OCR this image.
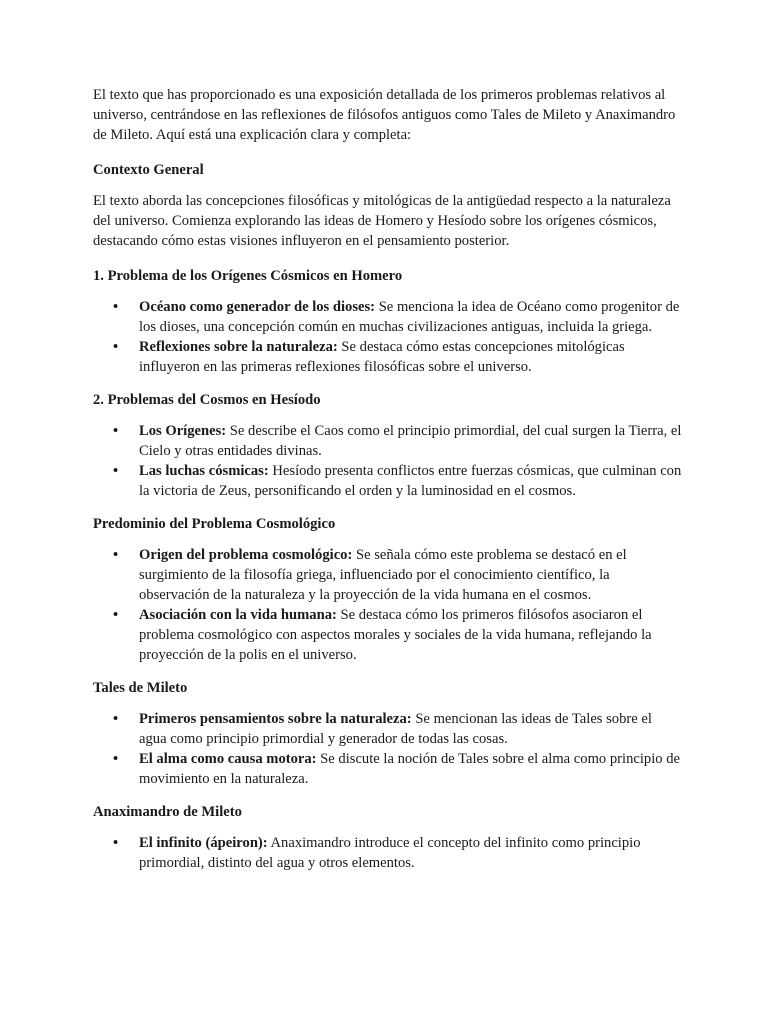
El texto que has proporcionado es una exposición detallada de los primeros problemas relativos al universo, centrándose en las reflexiones de filósofos antiguos como Tales de Mileto y Anaximandro de Mileto. Aquí está una explicación clara y completa:

Contexto General

El texto aborda las concepciones filosóficas y mitológicas de la antigüedad respecto a la naturaleza del universo. Comienza explorando las ideas de Homero y Hesíodo sobre los orígenes cósmicos, destacando cómo estas visiones influyeron en el pensamiento posterior.

1. Problema de los Orígenes Cósmicos en Homero

• Océano como generador de los dioses: Se menciona la idea de Océano como progenitor de los dioses, una concepción común en muchas civilizaciones antiguas, incluida la griega.
• Reflexiones sobre la naturaleza: Se destaca cómo estas concepciones mitológicas influyeron en las primeras reflexiones filosóficas sobre el universo.

2. Problemas del Cosmos en Hesíodo

• Los Orígenes: Se describe el Caos como el principio primordial, del cual surgen la Tierra, el Cielo y otras entidades divinas.
• Las luchas cósmicas: Hesíodo presenta conflictos entre fuerzas cósmicas, que culminan con la victoria de Zeus, personificando el orden y la luminosidad en el cosmos.

Predominio del Problema Cosmológico

• Origen del problema cosmológico: Se señala cómo este problema se destacó en el surgimiento de la filosofía griega, influenciado por el conocimiento científico, la observación de la naturaleza y la proyección de la vida humana en el cosmos.
• Asociación con la vida humana: Se destaca cómo los primeros filósofos asociaron el problema cosmológico con aspectos morales y sociales de la vida humana, reflejando la proyección de la polis en el universo.

Tales de Mileto

• Primeros pensamientos sobre la naturaleza: Se mencionan las ideas de Tales sobre el agua como principio primordial y generador de todas las cosas.
• El alma como causa motora: Se discute la noción de Tales sobre el alma como principio de movimiento en la naturaleza.

Anaximandro de Mileto

• El infinito (ápeiron): Anaximandro introduce el concepto del infinito como principio primordial, distinto del agua y otros elementos.
